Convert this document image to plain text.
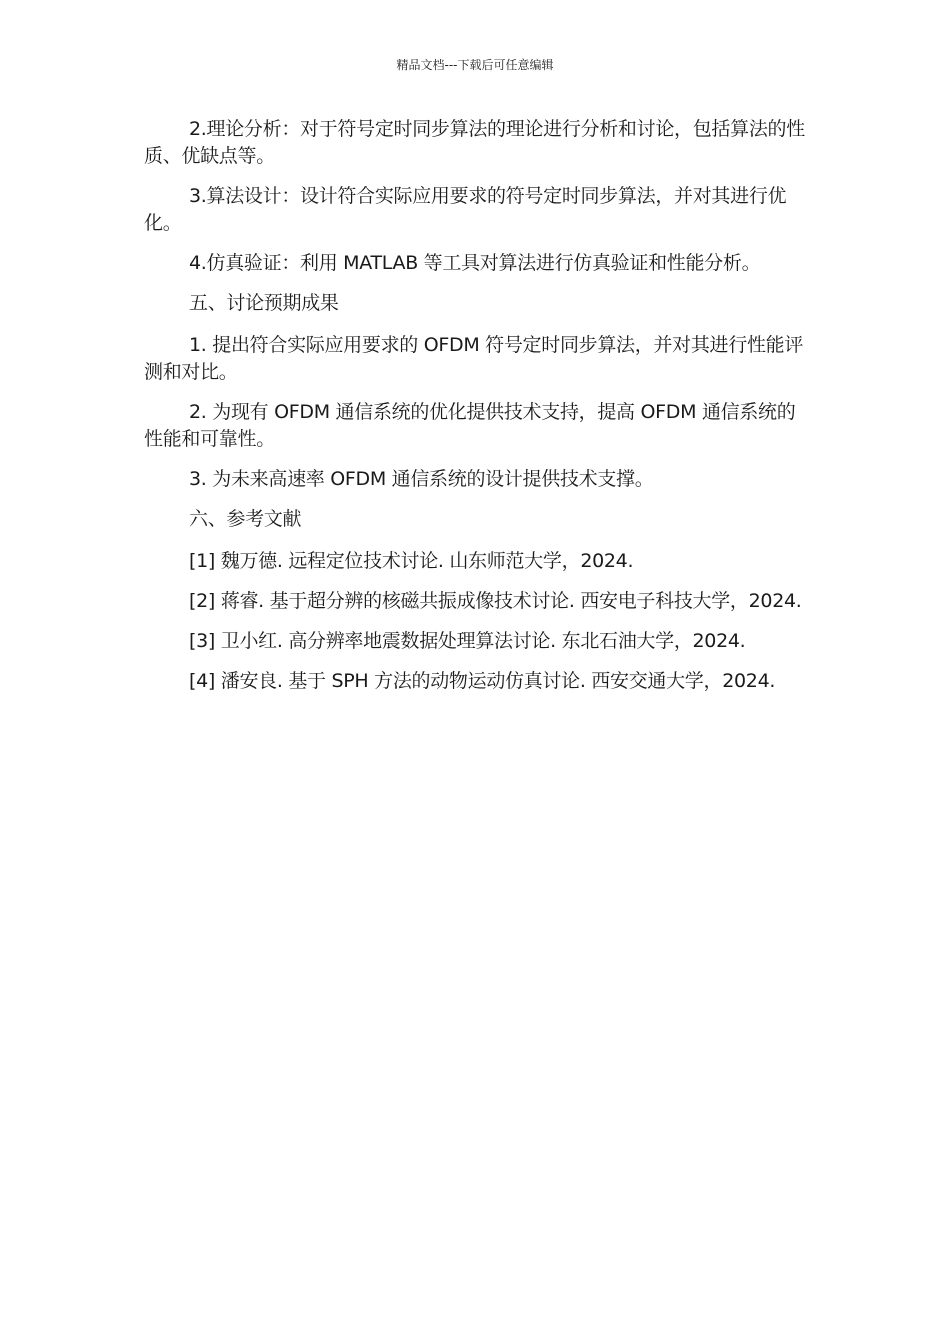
精品文档---下载后可任意编辑

2.理论分析：对于符号定时同步算法的理论进行分析和讨论，包括算法的性质、优缺点等。

3.算法设计：设计符合实际应用要求的符号定时同步算法，并对其进行优化。

4.仿真验证：利用 MATLAB 等工具对算法进行仿真验证和性能分析。

五、讨论预期成果

1. 提出符合实际应用要求的 OFDM 符号定时同步算法，并对其进行性能评测和对比。

2. 为现有 OFDM 通信系统的优化提供技术支持，提高 OFDM 通信系统的性能和可靠性。

3. 为未来高速率 OFDM 通信系统的设计提供技术支撑。

六、参考文献

[1] 魏万德. 远程定位技术讨论. 山东师范大学，2024.

[2] 蒋睿. 基于超分辨的核磁共振成像技术讨论. 西安电子科技大学，2024.

[3] 卫小红. 高分辨率地震数据处理算法讨论. 东北石油大学，2024.

[4] 潘安良. 基于 SPH 方法的动物运动仿真讨论. 西安交通大学，2024.
